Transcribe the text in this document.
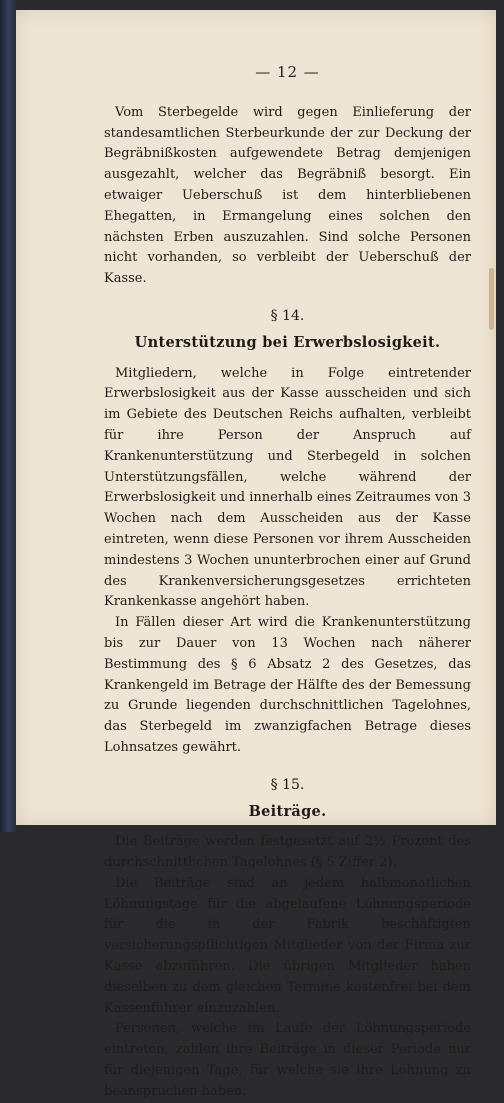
— 12 —

Vom Sterbegelde wird gegen Einlieferung der standesamtlichen Sterbeurkunde der zur Deckung der Begräbnißkosten aufgewendete Betrag demjenigen ausgezahlt, welcher das Begräbniß besorgt. Ein etwaiger Ueberschuß ist dem hinterbliebenen Ehegatten, in Ermangelung eines solchen den nächsten Erben auszuzahlen. Sind solche Personen nicht vorhanden, so verbleibt der Ueberschuß der Kasse.

§ 14.
Unterstützung bei Erwerbslosigkeit.

Mitgliedern, welche in Folge eintretender Erwerbslosigkeit aus der Kasse ausscheiden und sich im Gebiete des Deutschen Reichs aufhalten, verbleibt für ihre Person der Anspruch auf Krankenunterstützung und Sterbegeld in solchen Unterstützungsfällen, welche während der Erwerbslosigkeit und innerhalb eines Zeitraumes von 3 Wochen nach dem Ausscheiden aus der Kasse eintreten, wenn diese Personen vor ihrem Ausscheiden mindestens 3 Wochen ununterbrochen einer auf Grund des Krankenversicherungsgesetzes errichteten Krankenkasse angehört haben.

In Fällen dieser Art wird die Krankenunterstützung bis zur Dauer von 13 Wochen nach näherer Bestimmung des § 6 Absatz 2 des Gesetzes, das Krankengeld im Betrage der Hälfte des der Bemessung zu Grunde liegenden durchschnittlichen Tagelohnes, das Sterbegeld im zwanzigfachen Betrage dieses Lohnsatzes gewährt.

§ 15.
Beiträge.

Die Beiträge werden festgesetzt auf 2½ Prozent des durchschnittlichen Tagelohnes (§ 5 Ziffer 2).

Die Beiträge sind an jedem halbmonatlichen Löhnungstage für die abgelaufene Löhnungsperiode für die in der Fabrik beschäftigten versicherungspflichtigen Mitglieder von der Firma zur Kasse abzuführen. Die übrigen Mitglieder haben dieselben zu dem gleichen Termine kostenfrei bei dem Kassenführer einzuzahlen.

Personen, welche im Laufe der Löhnungsperiode eintreten, zahlen ihre Beiträge in dieser Periode nur für diejenigen Tage, für welche sie ihre Löhnung zu beanspruchen haben.
